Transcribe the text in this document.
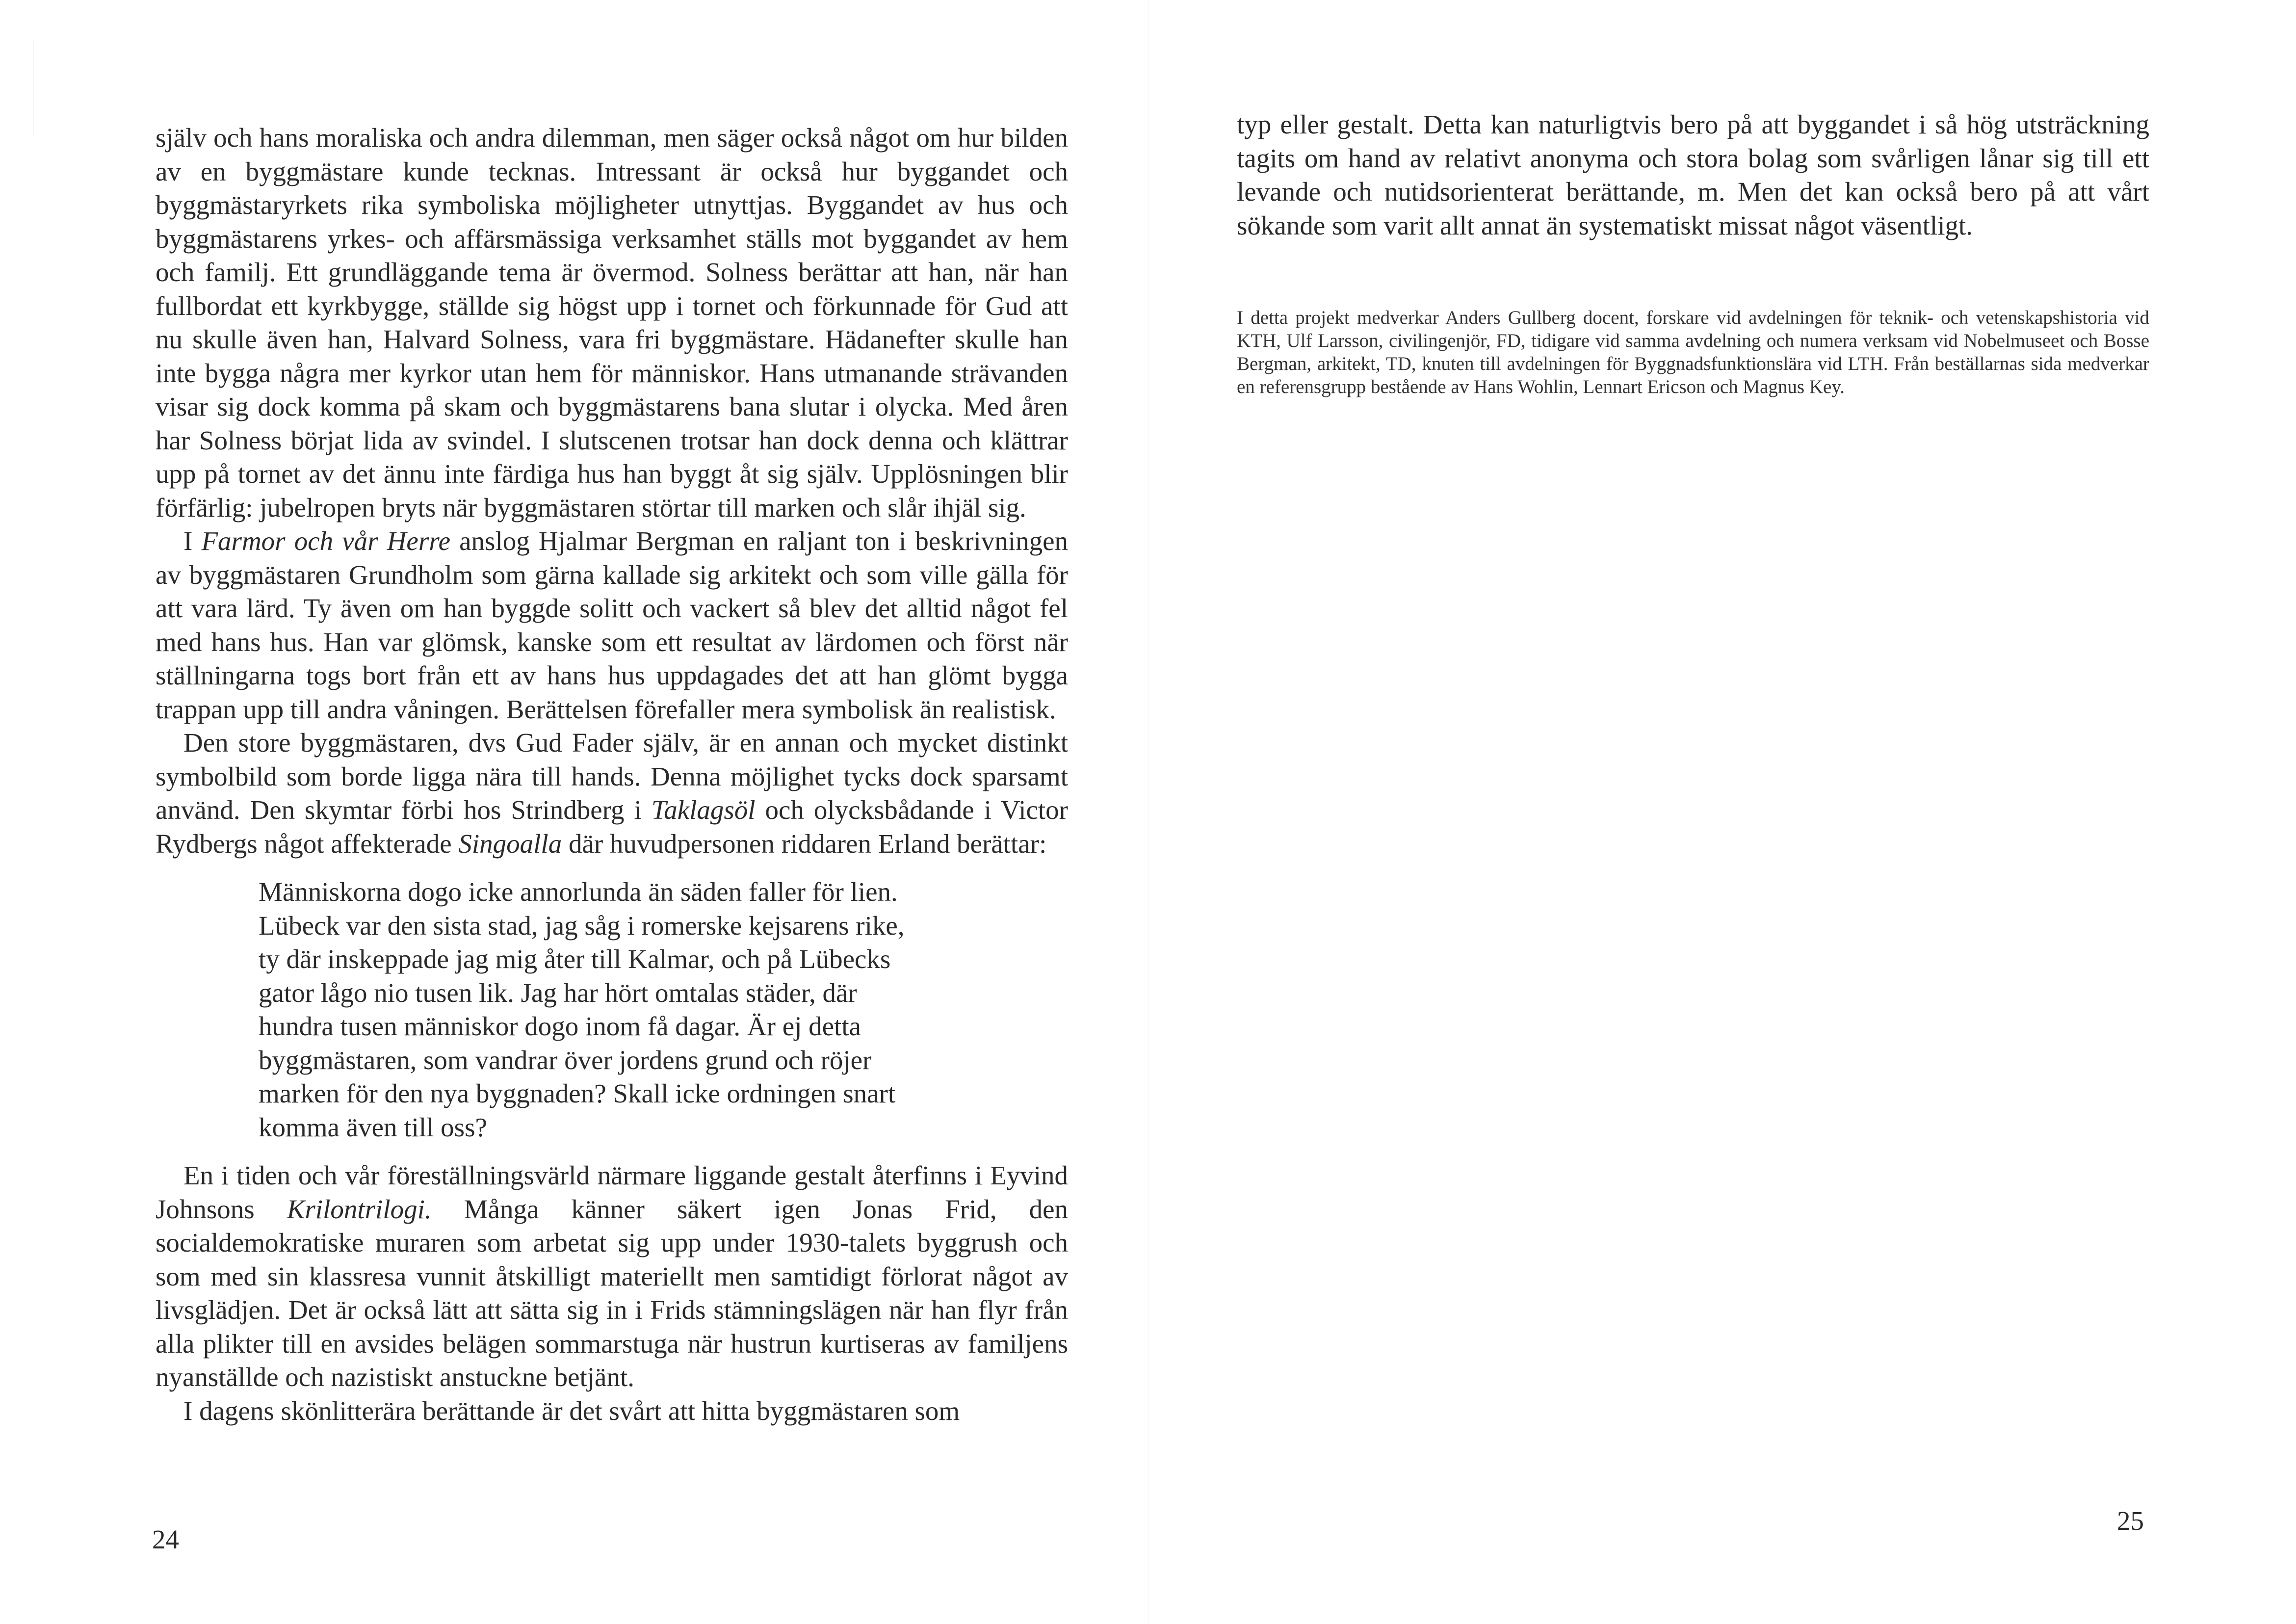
själv och hans moraliska och andra dilemman, men säger också något om hur bilden av en byggmästare kunde tecknas. Intressant är också hur byggandet och byggmästaryrkets rika symboliska möjligheter utnyttjas. Byggandet av hus och byggmästarens yrkes- och affärsmässiga verksamhet ställs mot byggandet av hem och familj. Ett grundläggande tema är övermod. Solness berättar att han, när han fullbordat ett kyrkbygge, ställde sig högst upp i tornet och förkunnade för Gud att nu skulle även han, Halvard Solness, vara fri byggmästare. Hädanefter skulle han inte bygga några mer kyrkor utan hem för människor. Hans utmanande strävanden visar sig dock komma på skam och byggmästarens bana slutar i olycka. Med åren har Solness börjat lida av svindel. I slutscenen trotsar han dock denna och klättrar upp på tornet av det ännu inte färdiga hus han byggt åt sig själv. Upplösningen blir förfärlig: jubelropen bryts när byggmästaren störtar till marken och slår ihjäl sig.

I Farmor och vår Herre anslog Hjalmar Bergman en raljant ton i beskrivningen av byggmästaren Grundholm som gärna kallade sig arkitekt och som ville gälla för att vara lärd. Ty även om han byggde solitt och vackert så blev det alltid något fel med hans hus. Han var glömsk, kanske som ett resultat av lärdomen och först när ställningarna togs bort från ett av hans hus uppdagades det att han glömt bygga trappan upp till andra våningen. Berättelsen förefaller mera symbolisk än realistisk.

Den store byggmästaren, dvs Gud Fader själv, är en annan och mycket distinkt symbolbild som borde ligga nära till hands. Denna möjlighet tycks dock sparsamt använd. Den skymtar förbi hos Strindberg i Taklagsöl och olycksbådande i Victor Rydbergs något affekterade Singoalla där huvudpersonen riddaren Erland berättar:

Människorna dogo icke annorlunda än säden faller för lien.
Lübeck var den sista stad, jag såg i romerske kejsarens rike,
ty där inskeppade jag mig åter till Kalmar, och på Lübecks
gator lågo nio tusen lik. Jag har hört omtalas städer, där
hundra tusen människor dogo inom få dagar. Är ej detta
byggmästaren, som vandrar över jordens grund och röjer
marken för den nya byggnaden? Skall icke ordningen snart
komma även till oss?

En i tiden och vår föreställningsvärld närmare liggande gestalt återfinns i Eyvind Johnsons Krilontrilogi. Många känner säkert igen Jonas Frid, den socialdemokratiske muraren som arbetat sig upp under 1930-talets byggrush och som med sin klassresa vunnit åtskilligt materiellt men samtidigt förlorat något av livsglädjen. Det är också lätt att sätta sig in i Frids stämningslägen när han flyr från alla plikter till en avsides belägen sommarstuga när hustrun kurtiseras av familjens nyanställde och nazistiskt anstuckne betjänt.

I dagens skönlitterära berättande är det svårt att hitta byggmästaren som

24

typ eller gestalt. Detta kan naturligtvis bero på att byggandet i så hög utsträckning tagits om hand av relativt anonyma och stora bolag som svårligen lånar sig till ett levande och nutidsorienterat berättande, m. Men det kan också bero på att vårt sökande som varit allt annat än systematiskt missat något väsentligt.

I detta projekt medverkar Anders Gullberg docent, forskare vid avdelningen för teknik- och vetenskapshistoria vid KTH, Ulf Larsson, civilingenjör, FD, tidigare vid samma avdelning och numera verksam vid Nobelmuseet och Bosse Bergman, arkitekt, TD, knuten till avdelningen för Byggnadsfunktionslära vid LTH. Från beställarnas sida medverkar en referensgrupp bestående av Hans Wohlin, Lennart Ericson och Magnus Key.
25
